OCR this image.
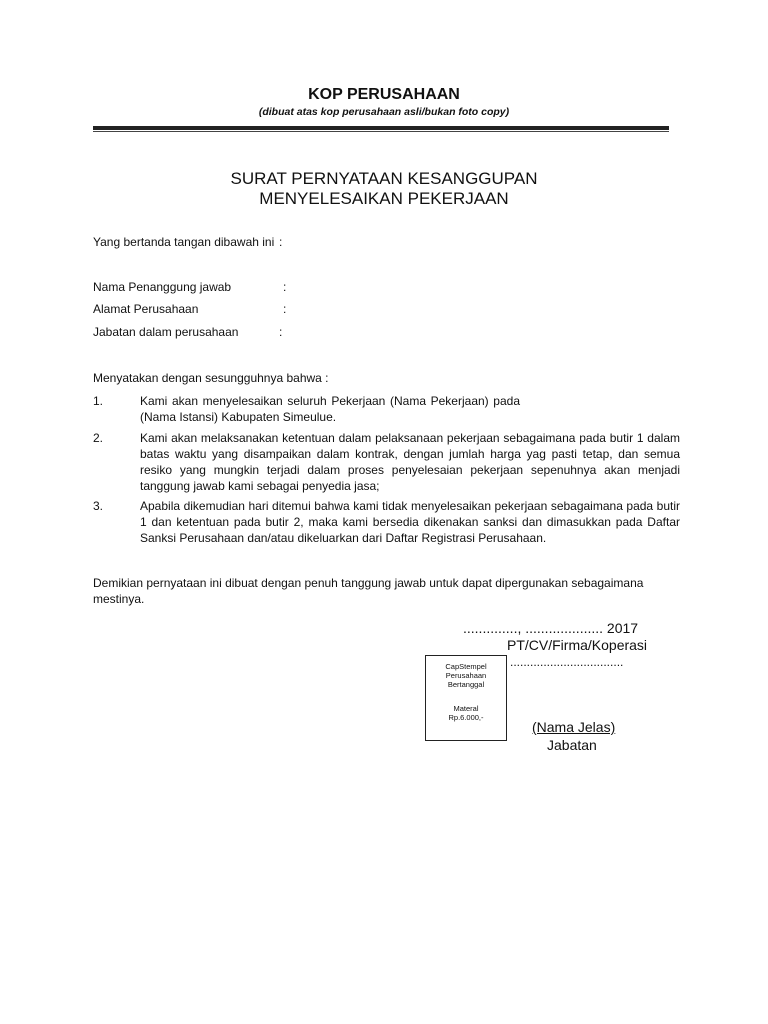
KOP PERUSAHAAN
(dibuat atas kop perusahaan asli/bukan foto copy)
SURAT PERNYATAAN KESANGGUPAN
MENYELESAIKAN PEKERJAAN
Yang bertanda tangan dibawah ini :
Nama Penanggung jawab	:
Alamat Perusahaan	:
Jabatan dalam perusahaan	:
Menyatakan dengan sesungguhnya bahwa :
1.	Kami akan menyelesaikan seluruh Pekerjaan (Nama Pekerjaan) pada (Nama Istansi) Kabupaten Simeulue.
2.	Kami akan melaksanakan ketentuan dalam pelaksanaan pekerjaan sebagaimana pada butir 1 dalam batas waktu yang disampaikan dalam kontrak, dengan jumlah harga yag pasti tetap, dan semua resiko yang mungkin terjadi dalam proses penyelesaian pekerjaan sepenuhnya akan menjadi tanggung jawab kami sebagai penyedia jasa;
3.	Apabila dikemudian hari ditemui bahwa kami tidak menyelesaikan pekerjaan sebagaimana pada butir 1 dan ketentuan pada butir 2, maka kami bersedia dikenakan sanksi dan dimasukkan pada Daftar Sanksi Perusahaan dan/atau dikeluarkan dari Daftar Registrasi Perusahaan.
Demikian pernyataan ini dibuat dengan penuh tanggung jawab untuk dapat dipergunakan sebagaimana mestinya.
.............., .................... 2017
PT/CV/Firma/Koperasi
..................................
CapStempel
Perusahaan
Bertanggal
Materal
Rp.6.000,-
(Nama Jelas)
Jabatan
